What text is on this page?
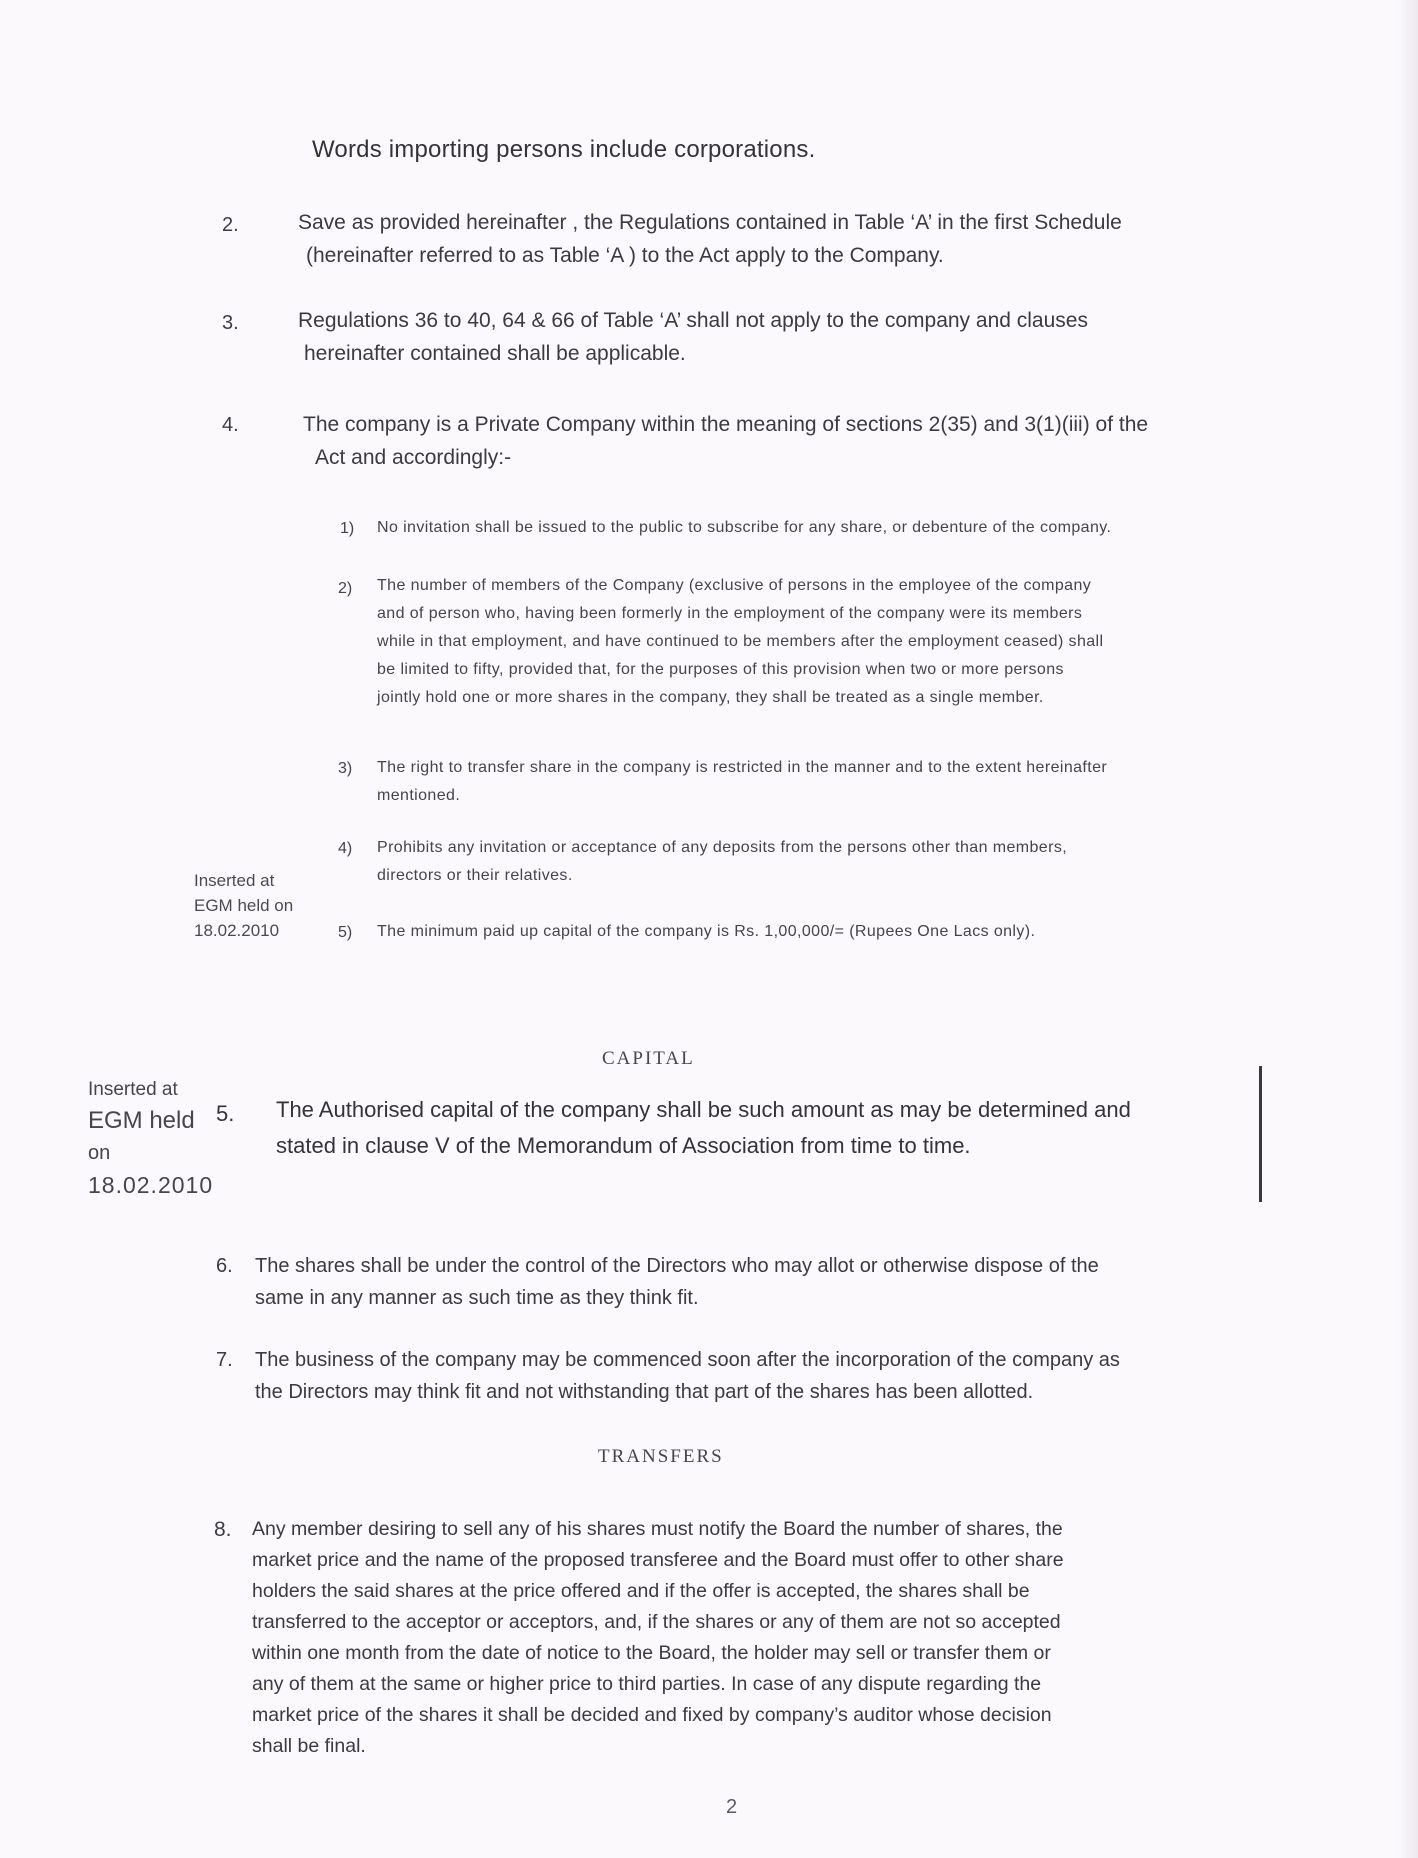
Words importing persons include corporations.
2.	Save as provided hereinafter , the Regulations contained in Table ‘A’ in the first Schedule
(hereinafter referred to as Table ‘A ) to the Act apply to the Company.
3.	Regulations 36 to 40, 64 & 66 of Table ‘A’ shall not apply to the company and clauses
hereinafter contained shall be applicable.
4.	The company is a Private Company within the meaning of sections 2(35) and 3(1)(iii) of the
Act and accordingly:-
1) No invitation shall be issued to the public to subscribe for any share, or debenture of the company.
2) The number of members of the Company (exclusive of persons in the employee of the company
and of person who, having been formerly in the employment of the company were its members
while in that employment, and have continued to be members after the employment ceased) shall
be limited to fifty, provided that, for the purposes of this provision when two or more persons
jointly hold one or more shares in the company, they shall be treated as a single member.
3) The right to transfer share in the company is restricted in the manner and to the extent hereinafter
mentioned.
4) Prohibits any invitation or acceptance of any deposits from the persons other than members,
directors or their relatives.
5) The minimum paid up capital of the company is Rs. 1,00,000/= (Rupees One Lacs only).
Inserted at
EGM held on
18.02.2010
CAPITAL
Inserted at
EGM held
on
18.02.2010
5. The Authorised capital of the company shall be such amount as may be determined and
stated in clause V of the Memorandum of Association from time to time.
6. The shares shall be under the control of the Directors who may allot or otherwise dispose of the
same in any manner as such time as they think fit.
7. The business of the company may be commenced soon after the incorporation of the company as
the Directors may think fit and not withstanding that part of the shares has been allotted.
TRANSFERS
8. Any member desiring to sell any of his shares must notify the Board the number of shares, the
market price and the name of the proposed transferee and the Board must offer to other share
holders the said shares at the price offered and if the offer is accepted, the shares shall be
transferred to the acceptor or acceptors, and, if the shares or any of them are not so accepted
within one month from the date of notice to the Board, the holder may sell or transfer them or
any of them at the same or higher price to third parties. In case of any dispute regarding the
market price of the shares it shall be decided and fixed by company’s auditor whose decision
shall be final.
2
